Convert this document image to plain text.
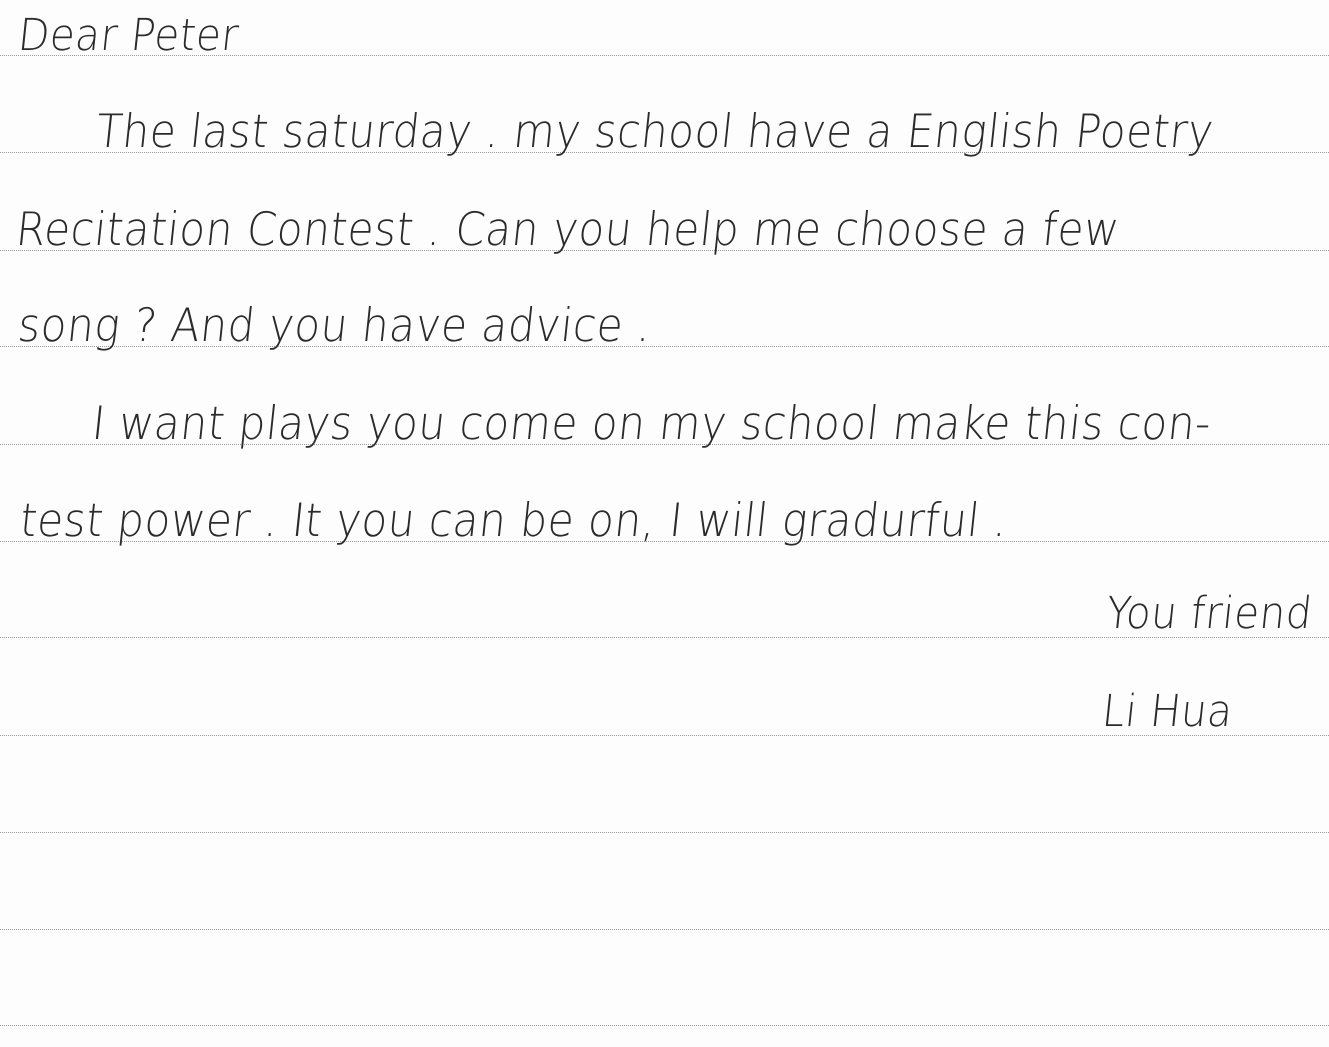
Dear Peter

The last saturday . my school have a English Poetry

Recitation Contest . Can you help me choose a few

song ? And you have advice .

I want plays you come on my school make this con-

test power . It you can be on, I will gradurful .

You friend

Li Hua
